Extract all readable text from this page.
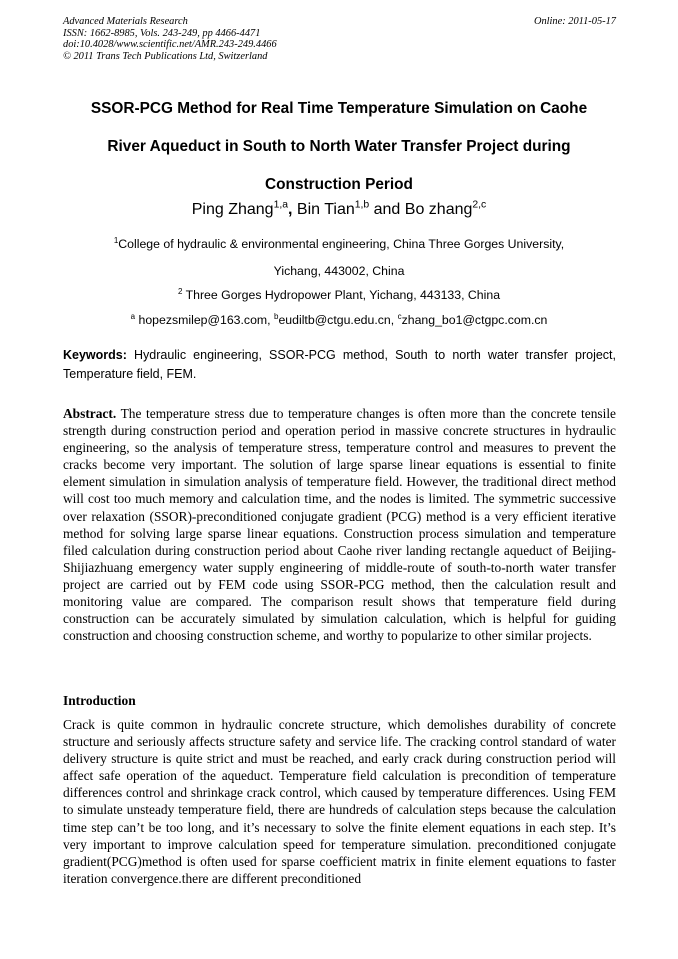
Advanced Materials Research
ISSN: 1662-8985, Vols. 243-249, pp 4466-4471
doi:10.4028/www.scientific.net/AMR.243-249.4466
© 2011 Trans Tech Publications Ltd, Switzerland
Online: 2011-05-17
SSOR-PCG Method for Real Time Temperature Simulation on Caohe
River Aqueduct in South to North Water Transfer Project during
Construction Period
Ping Zhang$^{1,a}$, Bin Tian$^{1,b}$ and Bo zhang$^{2,c}$
$^1$College of hydraulic & environmental engineering, China Three Gorges University,
Yichang, 443002, China
$^2$ Three Gorges Hydropower Plant, Yichang, 443133, China
$^a$ hopezsmilep@163.com, $^b$eudiltb@ctgu.edu.cn, $^c$zhang_bo1@ctgpc.com.cn
Keywords: Hydraulic engineering, SSOR-PCG method, South to north water transfer project, Temperature field, FEM.

Abstract. The temperature stress due to temperature changes is often more than the concrete tensile strength during construction period and operation period in massive concrete structures in hydraulic engineering, so the analysis of temperature stress, temperature control and measures to prevent the cracks become very important. The solution of large sparse linear equations is essential to finite element simulation in simulation analysis of temperature field. However, the traditional direct method will cost too much memory and calculation time, and the nodes is limited. The symmetric successive over relaxation (SSOR)-preconditioned conjugate gradient (PCG) method is a very efficient iterative method for solving large sparse linear equations. Construction process simulation and temperature filed calculation during construction period about Caohe river landing rectangle aqueduct of Beijing-Shijiazhuang emergency water supply engineering of middle-route of south-to-north water transfer project are carried out by FEM code using SSOR-PCG method, then the calculation result and monitoring value are compared. The comparison result shows that temperature field during construction can be accurately simulated by simulation calculation, which is helpful for guiding construction and choosing construction scheme, and worthy to popularize to other similar projects.

Introduction

Crack is quite common in hydraulic concrete structure, which demolishes durability of concrete structure and seriously affects structure safety and service life. The cracking control standard of water delivery structure is quite strict and must be reached, and early crack during construction period will affect safe operation of the aqueduct. Temperature field calculation is precondition of temperature differences control and shrinkage crack control, which caused by temperature differences. Using FEM to simulate unsteady temperature field, there are hundreds of calculation steps because the calculation time step can’t be too long, and it’s necessary to solve the finite element equations in each step. It’s very important to improve calculation speed for temperature simulation. preconditioned conjugate gradient(PCG)method is often used for sparse coefficient matrix in finite element equations to faster iteration convergence.there are different preconditioned
